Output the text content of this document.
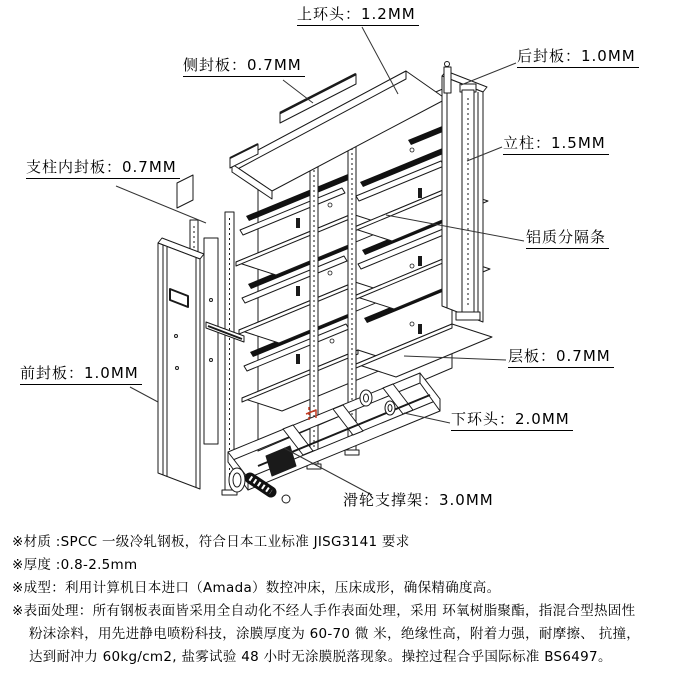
上环头：1.2MM
侧封板：0.7MM	后封板：1.0MM
立柱：1.5MM
支柱内封板：0.7MM
铝质分隔条
前封板：1.0MM
层板：0.7MM
下环头：2.0MM
滑轮支撑架：3.0MM
※材质 :SPCC 一级冷轧钢板，符合日本工业标准 JISG3141 要求
※厚度 :0.8-2.5mm
※成型：利用计算机日本进口（Amada）数控冲床，压床成形，确保精确度高。
※表面处理：所有钢板表面皆采用全自动化不经人手作表面处理，采用 环氧树脂聚酯，指混合型热固性
粉沫涂料，用先进静电喷粉科技，涂膜厚度为 60-70 微 米，绝缘性高，附着力强，耐摩擦、 抗撞，
达到耐冲力 60kg/cm2, 盐雾试验 48 小时无涂膜脱落现象。操控过程合乎国际标准 BS6497。
